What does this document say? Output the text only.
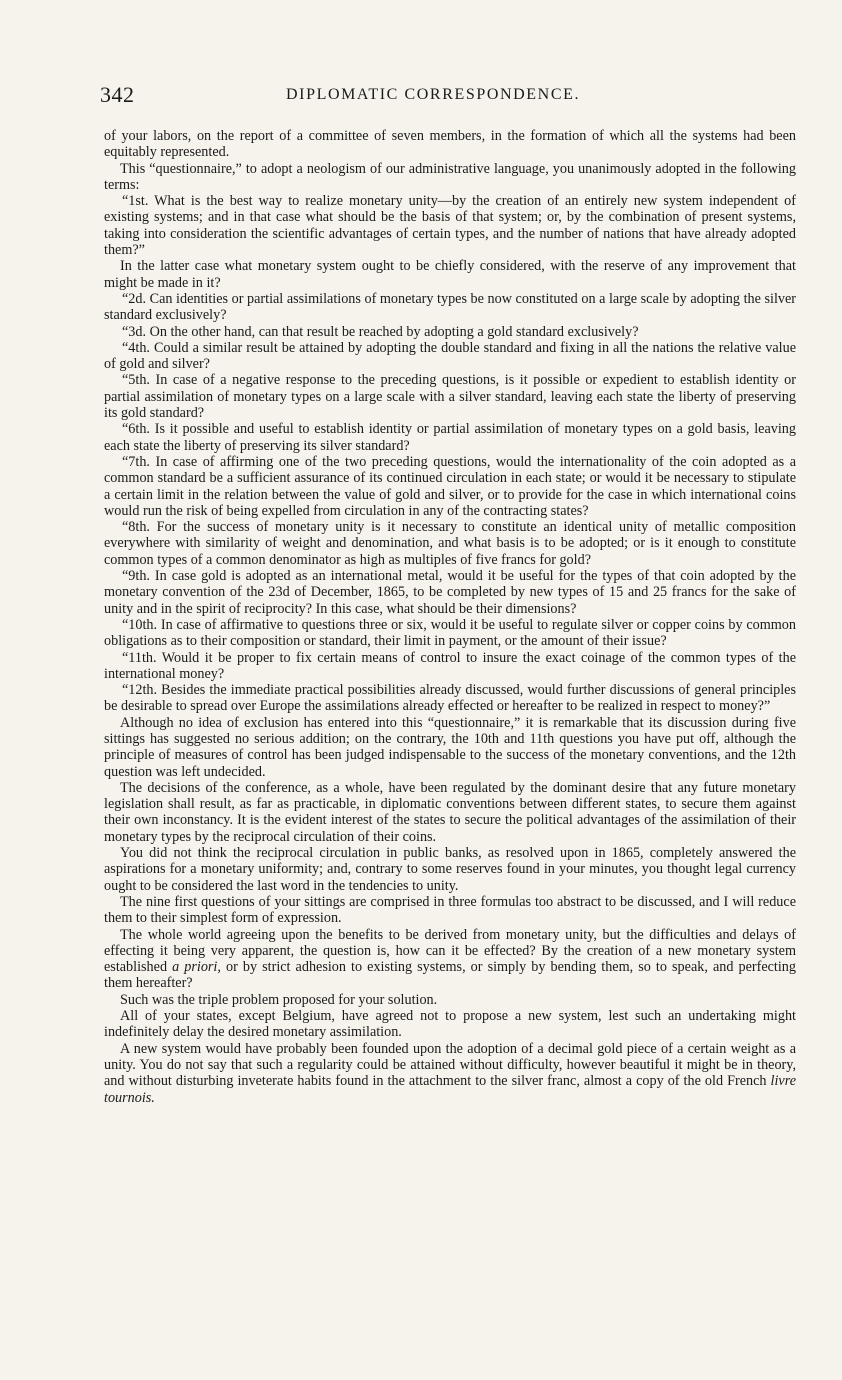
342	DIPLOMATIC CORRESPONDENCE.

of your labors, on the report of a committee of seven members, in the formation of which all the systems had been equitably represented.

This “questionnaire,” to adopt a neologism of our administrative language, you unanimously adopted in the following terms:

“1st. What is the best way to realize monetary unity—by the creation of an entirely new system independent of existing systems; and in that case what should be the basis of that system; or, by the combination of present systems, taking into consideration the scientific advantages of certain types, and the number of nations that have already adopted them?”

In the latter case what monetary system ought to be chiefly considered, with the reserve of any improvement that might be made in it?

“2d. Can identities or partial assimilations of monetary types be now constituted on a large scale by adopting the silver standard exclusively?

“3d. On the other hand, can that result be reached by adopting a gold standard exclusively?

“4th. Could a similar result be attained by adopting the double standard and fixing in all the nations the relative value of gold and silver?

“5th. In case of a negative response to the preceding questions, is it possible or expedient to establish identity or partial assimilation of monetary types on a large scale with a silver standard, leaving each state the liberty of preserving its gold standard?

“6th. Is it possible and useful to establish identity or partial assimilation of monetary types on a gold basis, leaving each state the liberty of preserving its silver standard?

“7th. In case of affirming one of the two preceding questions, would the internationality of the coin adopted as a common standard be a sufficient assurance of its continued circulation in each state; or would it be necessary to stipulate a certain limit in the relation between the value of gold and silver, or to provide for the case in which international coins would run the risk of being expelled from circulation in any of the contracting states?

“8th. For the success of monetary unity is it necessary to constitute an identical unity of metallic composition everywhere with similarity of weight and denomination, and what basis is to be adopted; or is it enough to constitute common types of a common denominator as high as multiples of five francs for gold?

“9th. In case gold is adopted as an international metal, would it be useful for the types of that coin adopted by the monetary convention of the 23d of December, 1865, to be completed by new types of 15 and 25 francs for the sake of unity and in the spirit of reciprocity? In this case, what should be their dimensions?

“10th. In case of affirmative to questions three or six, would it be useful to regulate silver or copper coins by common obligations as to their composition or standard, their limit in payment, or the amount of their issue?

“11th. Would it be proper to fix certain means of control to insure the exact coinage of the common types of the international money?

“12th. Besides the immediate practical possibilities already discussed, would further discussions of general principles be desirable to spread over Europe the assimilations already effected or hereafter to be realized in respect to money?”

Although no idea of exclusion has entered into this “questionnaire,” it is remarkable that its discussion during five sittings has suggested no serious addition; on the contrary, the 10th and 11th questions you have put off, although the principle of measures of control has been judged indispensable to the success of the monetary conventions, and the 12th question was left undecided.

The decisions of the conference, as a whole, have been regulated by the dominant desire that any future monetary legislation shall result, as far as practicable, in diplomatic conventions between different states, to secure them against their own inconstancy. It is the evident interest of the states to secure the political advantages of the assimilation of their monetary types by the reciprocal circulation of their coins.

You did not think the reciprocal circulation in public banks, as resolved upon in 1865, completely answered the aspirations for a monetary uniformity; and, contrary to some reserves found in your minutes, you thought legal currency ought to be considered the last word in the tendencies to unity.

The nine first questions of your sittings are comprised in three formulas too abstract to be discussed, and I will reduce them to their simplest form of expression.

The whole world agreeing upon the benefits to be derived from monetary unity, but the difficulties and delays of effecting it being very apparent, the question is, how can it be effected? By the creation of a new monetary system established a priori, or by strict adhesion to existing systems, or simply by bending them, so to speak, and perfecting them hereafter?

Such was the triple problem proposed for your solution.

All of your states, except Belgium, have agreed not to propose a new system, lest such an undertaking might indefinitely delay the desired monetary assimilation.

A new system would have probably been founded upon the adoption of a decimal gold piece of a certain weight as a unity. You do not say that such a regularity could be attained without difficulty, however beautiful it might be in theory, and without disturbing inveterate habits found in the attachment to the silver franc, almost a copy of the old French livre tournois.
